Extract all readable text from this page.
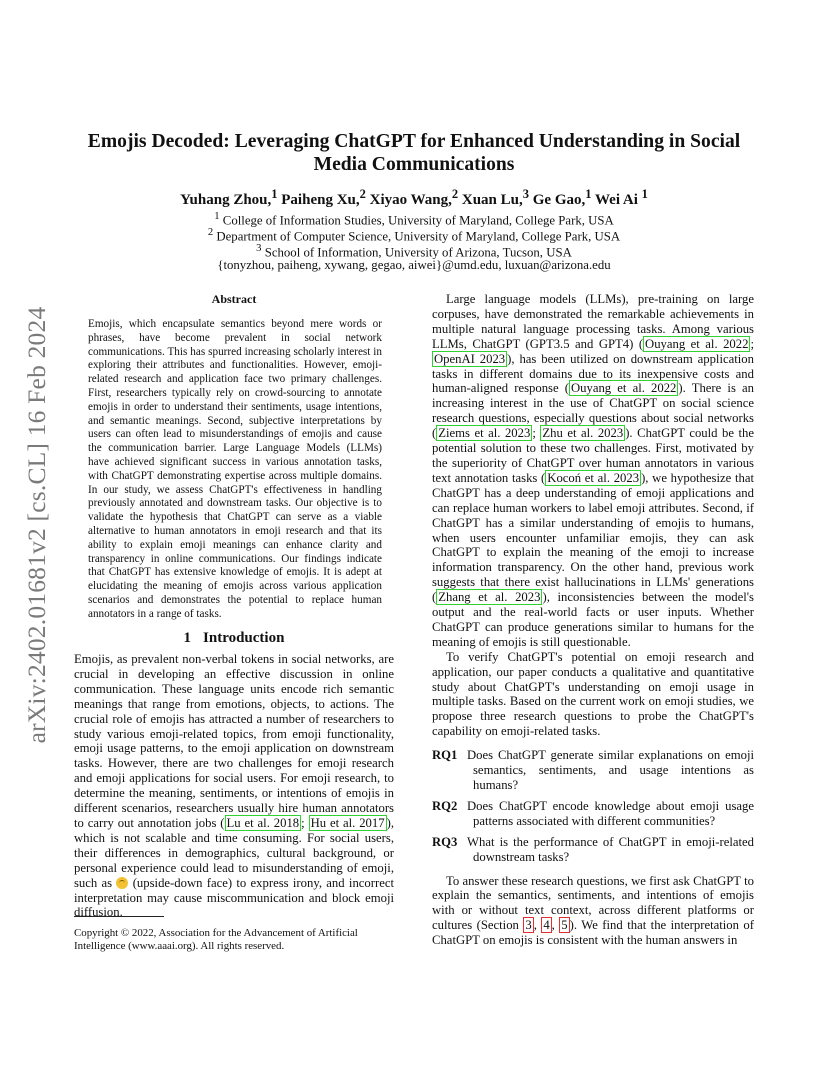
arXiv:2402.01681v2 [cs.CL] 16 Feb 2024
Emojis Decoded: Leveraging ChatGPT for Enhanced Understanding in Social
Media Communications
Yuhang Zhou,$^1$ Paiheng Xu,$^2$ Xiyao Wang,$^2$ Xuan Lu,$^3$ Ge Gao,$^1$ Wei Ai $^1$
$^1$ College of Information Studies, University of Maryland, College Park, USA
$^2$ Department of Computer Science, University of Maryland, College Park, USA
$^3$ School of Information, University of Arizona, Tucson, USA
{tonyzhou, paiheng, xywang, gegao, aiwei}@umd.edu, luxuan@arizona.edu
Abstract
Emojis, which encapsulate semantics beyond mere words or phrases, have become prevalent in social network communications. This has spurred increasing scholarly interest in exploring their attributes and functionalities. However, emoji-related research and application face two primary challenges. First, researchers typically rely on crowd-sourcing to annotate emojis in order to understand their sentiments, usage intentions, and semantic meanings. Second, subjective interpretations by users can often lead to misunderstandings of emojis and cause the communication barrier. Large Language Models (LLMs) have achieved significant success in various annotation tasks, with ChatGPT demonstrating expertise across multiple domains. In our study, we assess ChatGPT's effectiveness in handling previously annotated and downstream tasks. Our objective is to validate the hypothesis that ChatGPT can serve as a viable alternative to human annotators in emoji research and that its ability to explain emoji meanings can enhance clarity and transparency in online communications. Our findings indicate that ChatGPT has extensive knowledge of emojis. It is adept at elucidating the meaning of emojis across various application scenarios and demonstrates the potential to replace human annotators in a range of tasks.
1 Introduction
Emojis, as prevalent non-verbal tokens in social networks, are crucial in developing an effective discussion in online communication. These language units encode rich semantic meanings that range from emotions, objects, to actions. The crucial role of emojis has attracted a number of researchers to study various emoji-related topics, from emoji functionality, emoji usage patterns, to the emoji application on downstream tasks. However, there are two challenges for emoji research and emoji applications for social users. For emoji research, to determine the meaning, sentiments, or intentions of emojis in different scenarios, researchers usually hire human annotators to carry out annotation jobs ( Lu et al. 2018 ; Hu et al. 2017 ), which is not scalable and time consuming. For social users, their differences in demographics, cultural background, or personal experience could lead to misunderstanding of emoji, such as  (upside-down face) to express irony, and incorrect interpretation may cause miscommunication and block emoji diffusion.
Copyright © 2022, Association for the Advancement of Artificial Intelligence (www.aaai.org). All rights reserved.

Large language models (LLMs), pre-training on large corpuses, have demonstrated the remarkable achievements in multiple natural language processing tasks. Among various LLMs, ChatGPT (GPT3.5 and GPT4) ( Ouyang et al. 2022 ; OpenAI 2023 ), has been utilized on downstream application tasks in different domains due to its inexpensive costs and human-aligned response ( Ouyang et al. 2022 ). There is an increasing interest in the use of ChatGPT on social science research questions, especially questions about social networks ( Ziems et al. 2023 ; Zhu et al. 2023 ). ChatGPT could be the potential solution to these two challenges. First, motivated by the superiority of ChatGPT over human annotators in various text annotation tasks ( Kocoń et al. 2023 ), we hypothesize that ChatGPT has a deep understanding of emoji applications and can replace human workers to label emoji attributes. Second, if ChatGPT has a similar understanding of emojis to humans, when users encounter unfamiliar emojis, they can ask ChatGPT to explain the meaning of the emoji to increase information transparency. On the other hand, previous work suggests that there exist hallucinations in LLMs' generations ( Zhang et al. 2023 ), inconsistencies between the model's output and the real-world facts or user inputs. Whether ChatGPT can produce generations similar to humans for the meaning of emojis is still questionable.

To verify ChatGPT's potential on emoji research and application, our paper conducts a qualitative and quantitative study about ChatGPT's understanding on emoji usage in multiple tasks. Based on the current work on emoji studies, we propose three research questions to probe the ChatGPT's capability on emoji-related tasks.

RQ1 Does ChatGPT generate similar explanations on emoji semantics, sentiments, and usage intentions as humans?

RQ2 Does ChatGPT encode knowledge about emoji usage patterns associated with different communities?

RQ3 What is the performance of ChatGPT in emoji-related downstream tasks?

To answer these research questions, we first ask ChatGPT to explain the semantics, sentiments, and intentions of emojis with or without text context, across different platforms or cultures (Section 3 , 4 , 5 ). We find that the interpretation of ChatGPT on emojis is consistent with the human answers in
